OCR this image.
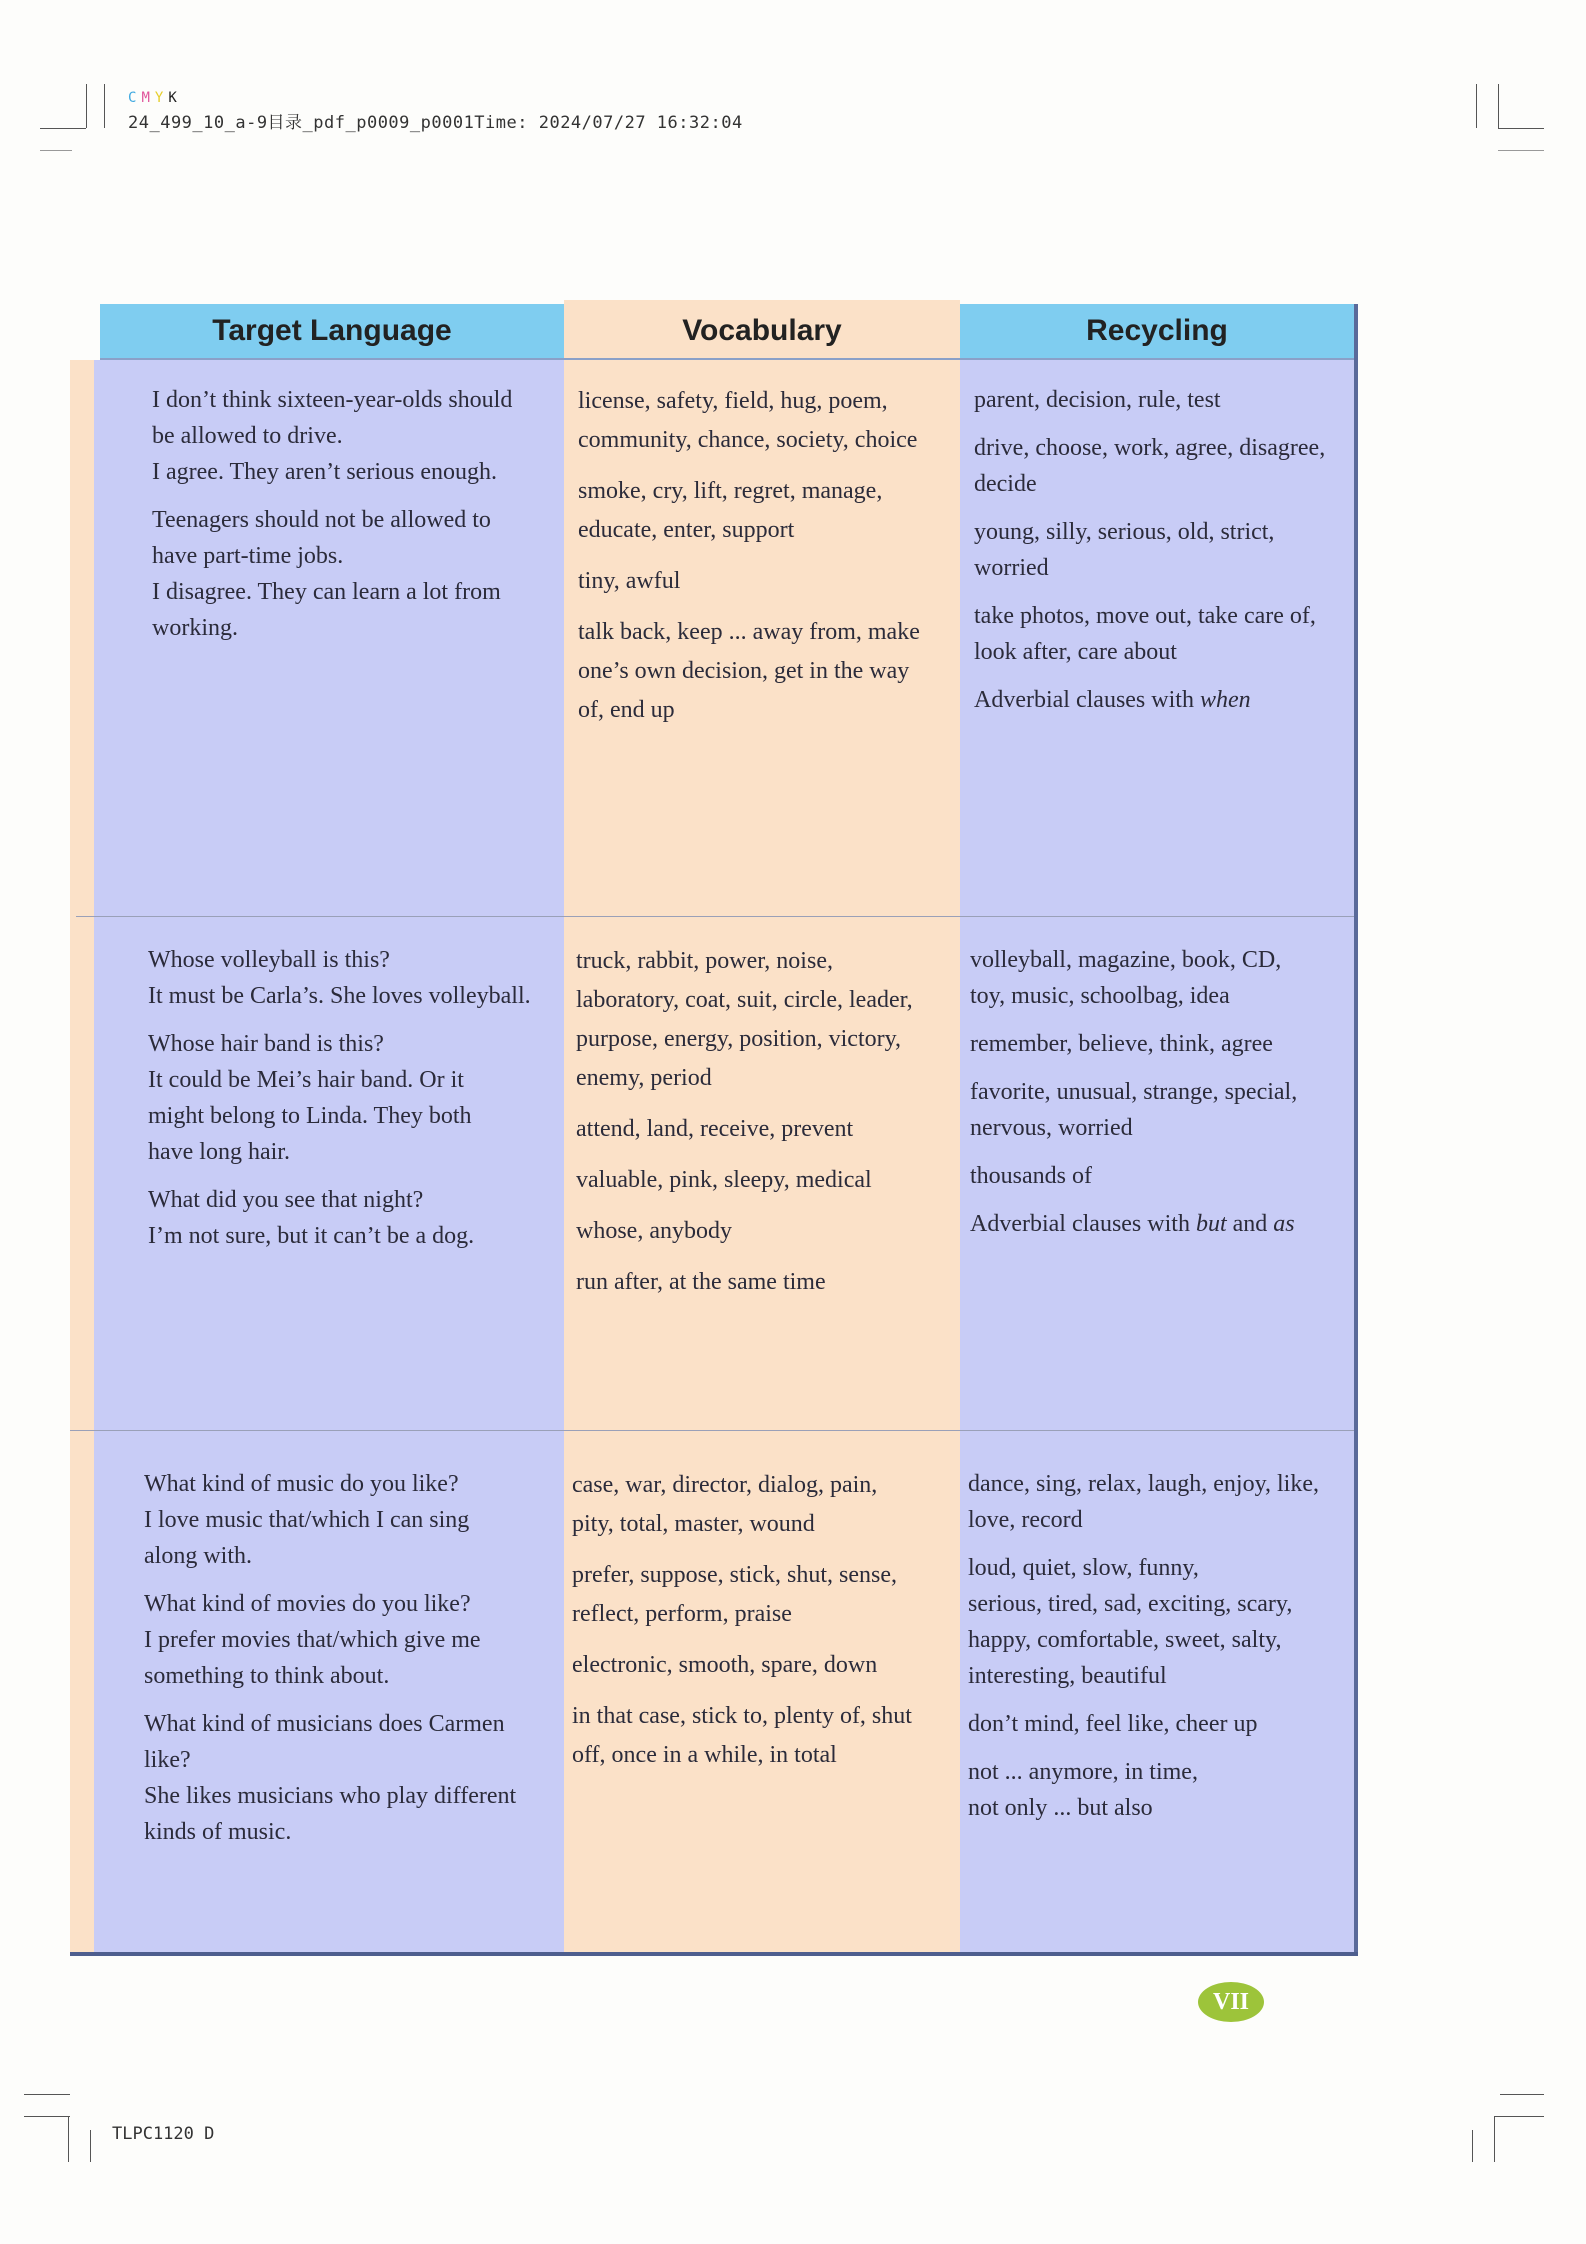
C M Y K
24_499_10_a-9目录_pdf_p0009_p0001Time: 2024/07/27 16:32:04
Target Language	Vocabulary	Recycling

I don’t think sixteen-year-olds should
be allowed to drive.
I agree. They aren’t serious enough.

Teenagers should not be allowed to
have part-time jobs.
I disagree. They can learn a lot from
working.

license, safety, field, hug, poem,
community, chance, society, choice

smoke, cry, lift, regret, manage,
educate, enter, support

tiny, awful

talk back, keep ... away from, make
one’s own decision, get in the way
of, end up

parent, decision, rule, test

drive, choose, work, agree, disagree,
decide

young, silly, serious, old, strict,
worried

take photos, move out, take care of,
look after, care about

Adverbial clauses with when

Whose volleyball is this?
It must be Carla’s. She loves volleyball.

Whose hair band is this?
It could be Mei’s hair band. Or it
might belong to Linda. They both
have long hair.

What did you see that night?
I’m not sure, but it can’t be a dog.

truck, rabbit, power, noise,
laboratory, coat, suit, circle, leader,
purpose, energy, position, victory,
enemy, period

attend, land, receive, prevent

valuable, pink, sleepy, medical

whose, anybody

run after, at the same time

volleyball, magazine, book, CD,
toy, music, schoolbag, idea

remember, believe, think, agree

favorite, unusual, strange, special,
nervous, worried

thousands of

Adverbial clauses with but and as

What kind of music do you like?
I love music that/which I can sing
along with.

What kind of movies do you like?
I prefer movies that/which give me
something to think about.

What kind of musicians does Carmen
like?
She likes musicians who play different
kinds of music.

case, war, director, dialog, pain,
pity, total, master, wound

prefer, suppose, stick, shut, sense,
reflect, perform, praise

electronic, smooth, spare, down

in that case, stick to, plenty of, shut
off, once in a while, in total

dance, sing, relax, laugh, enjoy, like,
love, record

loud, quiet, slow, funny,
serious, tired, sad, exciting, scary,
happy, comfortable, sweet, salty,
interesting, beautiful

don’t mind, feel like, cheer up

not ... anymore, in time,
not only ... but also

VII
TLPC1120 D
